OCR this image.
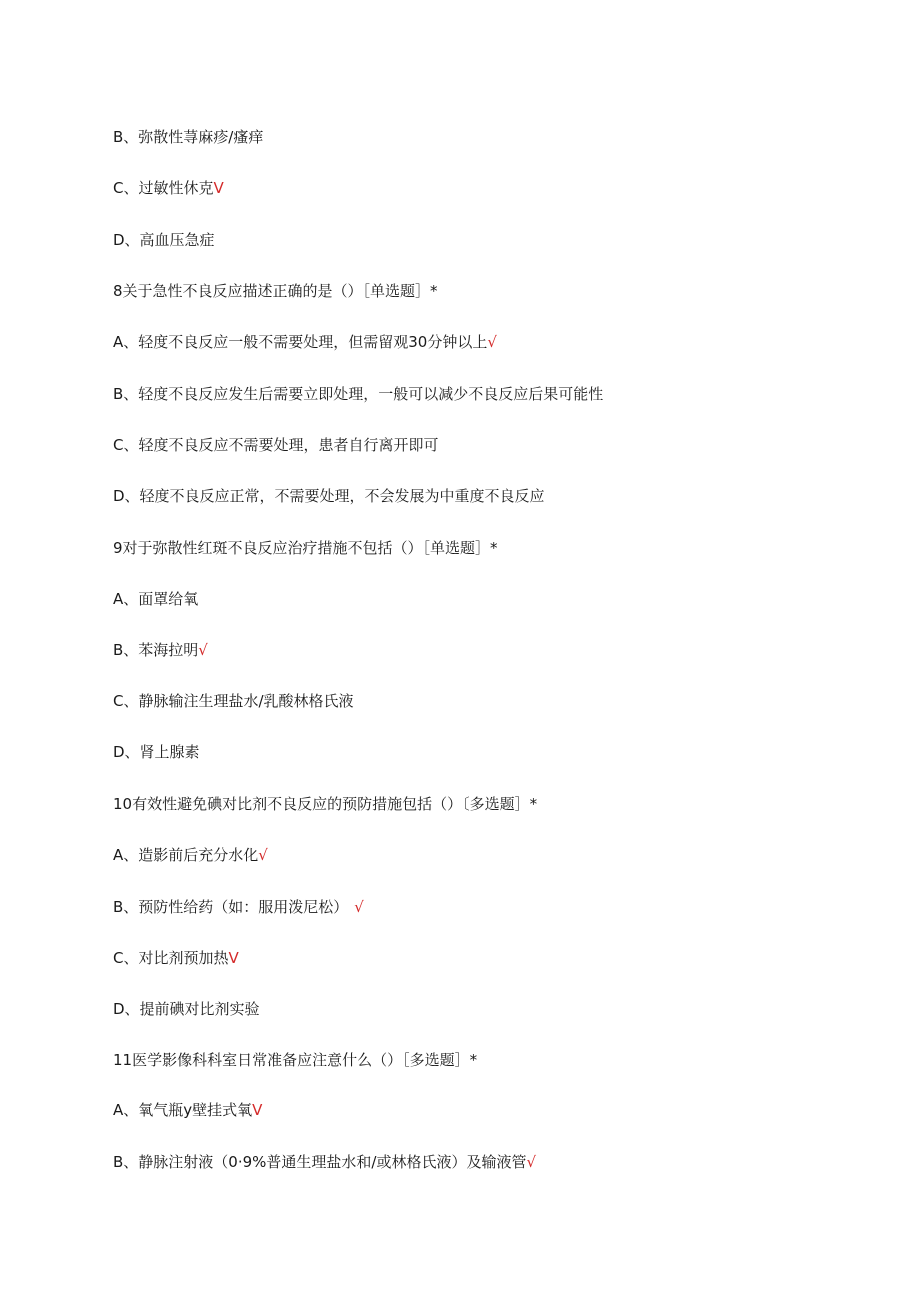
B、弥散性荨麻疹/瘙痒
C、过敏性休克V
D、高血压急症
8关于急性不良反应描述正确的是（）［单选题］*
A、轻度不良反应一般不需要处理，但需留观30分钟以上√
B、轻度不良反应发生后需要立即处理，一般可以减少不良反应后果可能性
C、轻度不良反应不需要处理，患者自行离开即可
D、轻度不良反应正常，不需要处理，不会发展为中重度不良反应
9对于弥散性红斑不良反应治疗措施不包括（）［单选题］*
A、面罩给氧
B、苯海拉明√
C、静脉输注生理盐水/乳酸林格氏液
D、肾上腺素
10有效性避免碘对比剂不良反应的预防措施包括（）〔多选题］*
A、造影前后充分水化√
B、预防性给药（如：服用泼尼松） √
C、对比剂预加热V
D、提前碘对比剂实验
11医学影像科科室日常准备应注意什么（）［多选题］*
A、氧气瓶y壁挂式氧V
B、静脉注射液（0·9%普通生理盐水和/或林格氏液）及输液管√
